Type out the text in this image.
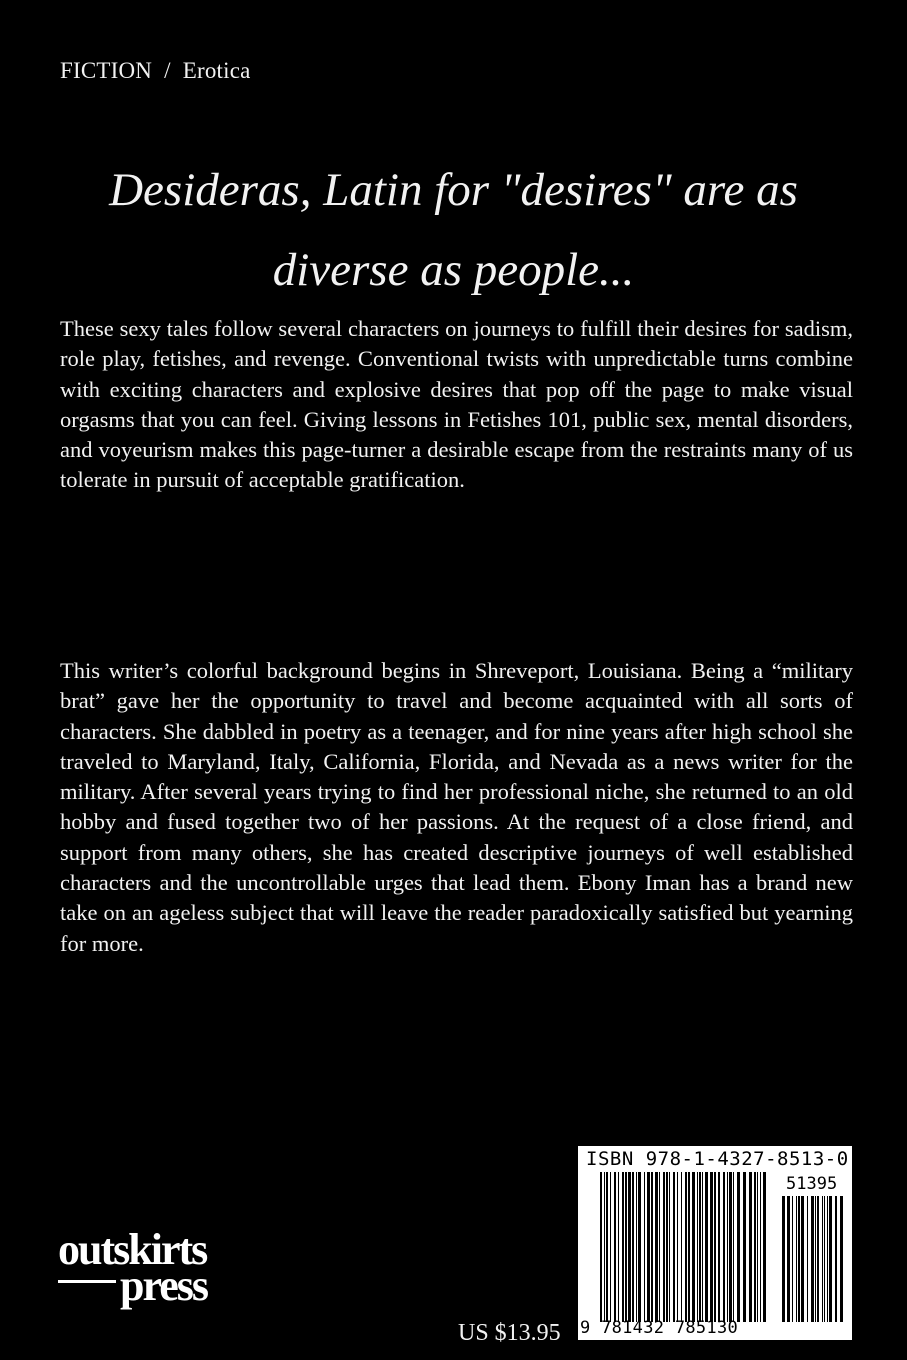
FICTION / Erotica
Desideras, Latin for "desires" are as diverse as people...
These sexy tales follow several characters on journeys to fulfill their desires for sadism, role play, fetishes, and revenge. Conventional twists with unpredictable turns combine with exciting characters and explosive desires that pop off the page to make visual orgasms that you can feel. Giving lessons in Fetishes 101, public sex, mental disorders, and voyeurism makes this page-turner a desirable escape from the restraints many of us tolerate in pursuit of acceptable gratification.
This writer’s colorful background begins in Shreveport, Louisiana. Being a “military brat” gave her the opportunity to travel and become acquainted with all sorts of characters. She dabbled in poetry as a teenager, and for nine years after high school she traveled to Maryland, Italy, California, Florida, and Nevada as a news writer for the military. After several years trying to find her professional niche, she returned to an old hobby and fused together two of her passions. At the request of a close friend, and support from many others, she has created descriptive journeys of well established characters and the uncontrollable urges that lead them. Ebony Iman has a brand new take on an ageless subject that will leave the reader paradoxically satisfied but yearning for more.
outskirts
press
US $13.95
ISBN 978-1-4327-8513-0
51395
9 781432 785130
